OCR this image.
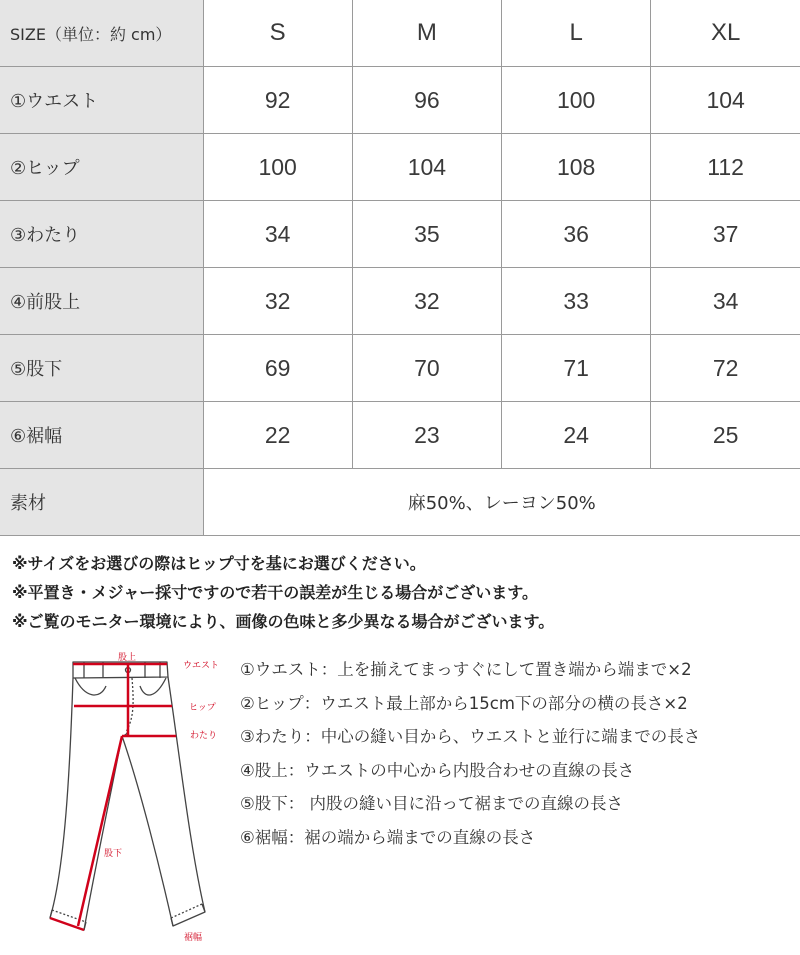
SIZE（単位：約 cm）	S	M	L	XL
①ウエスト	92	96	100	104
②ヒップ	100	104	108	112
③わたり	34	35	36	37
④前股上	32	32	33	34
⑤股下	69	70	71	72
⑥裾幅	22	23	24	25
素材	麻50%、レーヨン50%			
※サイズをお選びの際はヒップ寸を基にお選びください。
※平置き・メジャー採寸ですので若干の誤差が生じる場合がございます。
※ご覧のモニター環境により、画像の色味と多少異なる場合がございます。
股上
ウエスト
ヒップ
わたり
股下
裾幅
①ウエスト：上を揃えてまっすぐにして置き端から端まで×2
②ヒップ：ウエスト最上部から15cm下の部分の横の長さ×2
③わたり：中心の縫い目から、ウエストと並行に端までの長さ
④股上：ウエストの中心から内股合わせの直線の長さ
⑤股下： 内股の縫い目に沿って裾までの直線の長さ
⑥裾幅：裾の端から端までの直線の長さ
